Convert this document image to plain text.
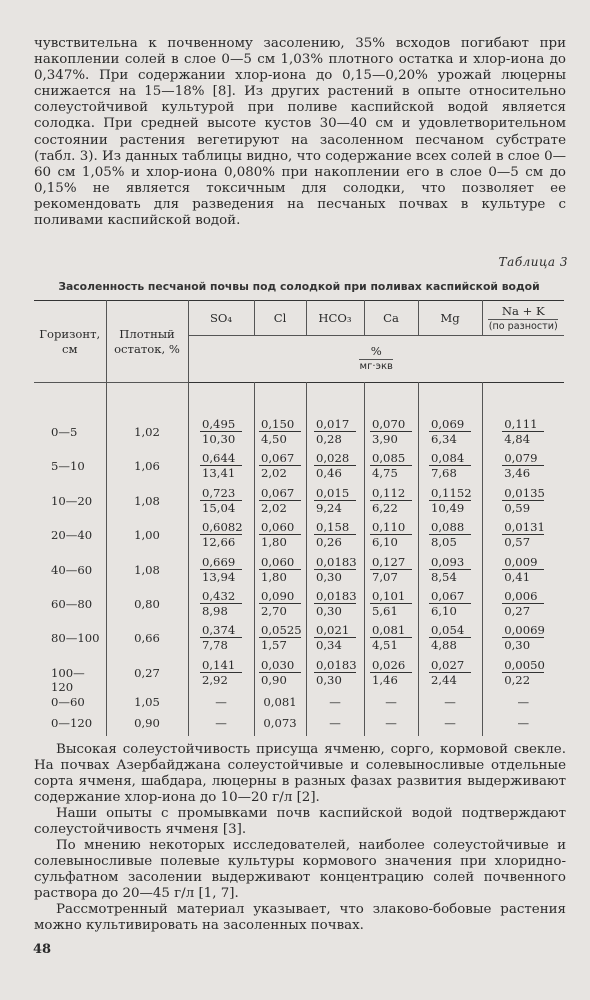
чувствительна к почвенному засолению, 35% всходов погибают при накоплении солей в слое 0—5 см 1,03% плотного остатка и хлор-иона до 0,347%. При содержании хлор-иона до 0,15—0,20% урожай люцерны снижается на 15—18% [8]. Из других растений в опыте относительно солеустойчивой культурой при поливе каспийской водой является солодка. При средней высоте кустов 30—40 см и удовлетворительном состоянии растения вегетируют на засоленном песчаном субстрате (табл. 3). Из данных таблицы видно, что содержание всех солей в слое 0—60 см 1,05% и хлор-иона 0,080% при накоплении его в слое 0—5 см до 0,15% не является токсичным для солодки, что позволяет ее рекомендовать для разведения на песчаных почвах в культуре с поливами каспийской водой.

Таблица 3
Засоленность песчаной почвы под солодкой при поливах каспийской водой
Горизонт,
см	Плотный
остаток, %	SO₄	Cl	HCO₃	Ca	Mg	Na + K
(по разности)

		%
мг·экв					

0—5	1,02	$\frac{0,495}{10,30}$	$\frac{0,150}{4,50}$	$\frac{0,017}{0,28}$	$\frac{0,070}{3,90}$	$\frac{0,069}{6,34}$	$\frac{0,111}{4,84}$

5—10	1,06	$\frac{0,644}{13,41}$	$\frac{0,067}{2,02}$	$\frac{0,028}{0,46}$	$\frac{0,085}{4,75}$	$\frac{0,084}{7,68}$	$\frac{0,079}{3,46}$

10—20	1,08	$\frac{0,723}{15,04}$	$\frac{0,067}{2,02}$	$\frac{0,015}{9,24}$	$\frac{0,112}{6,22}$	$\frac{0,1152}{10,49}$	$\frac{0,0135}{0,59}$

20—40	1,00	$\frac{0,6082}{12,66}$	$\frac{0,060}{1,80}$	$\frac{0,158}{0,26}$	$\frac{0,110}{6,10}$	$\frac{0,088}{8,05}$	$\frac{0,0131}{0,57}$

40—60	1,08	$\frac{0,669}{13,94}$	$\frac{0,060}{1,80}$	$\frac{0,0183}{0,30}$	$\frac{0,127}{7,07}$	$\frac{0,093}{8,54}$	$\frac{0,009}{0,41}$

60—80	0,80	$\frac{0,432}{8,98}$	$\frac{0,090}{2,70}$	$\frac{0,0183}{0,30}$	$\frac{0,101}{5,61}$	$\frac{0,067}{6,10}$	$\frac{0,006}{0,27}$

80—100	0,66	$\frac{0,374}{7,78}$	$\frac{0,0525}{1,57}$	$\frac{0,021}{0,34}$	$\frac{0,081}{4,51}$	$\frac{0,054}{4,88}$	$\frac{0,0069}{0,30}$

100—120	0,27	$\frac{0,141}{2,92}$	$\frac{0,030}{0,90}$	$\frac{0,0183}{0,30}$	$\frac{0,026}{1,46}$	$\frac{0,027}{2,44}$	$\frac{0,0050}{0,22}$

0—60	1,05	—	0,081	—	—	—	—
0—120	0,90	—	0,073	—	—	—	—

Высокая солеустойчивость присуща ячменю, сорго, кормовой свекле. На почвах Азербайджана солеустойчивые и солевыносливые отдельные сорта ячменя, шабдара, люцерны в разных фазах развития выдерживают содержание хлор-иона до 10—20 г/л [2].

Наши опыты с промывками почв каспийской водой подтверждают солеустойчивость ячменя [3].

По мнению некоторых исследователей, наиболее солеустойчивые и солевыносливые полевые культуры кормового значения при хлоридно-сульфатном засолении выдерживают концентрацию солей почвенного раствора до 20—45 г/л [1, 7].

Рассмотренный материал указывает, что злаково-бобовые растения можно культивировать на засоленных почвах.

48
